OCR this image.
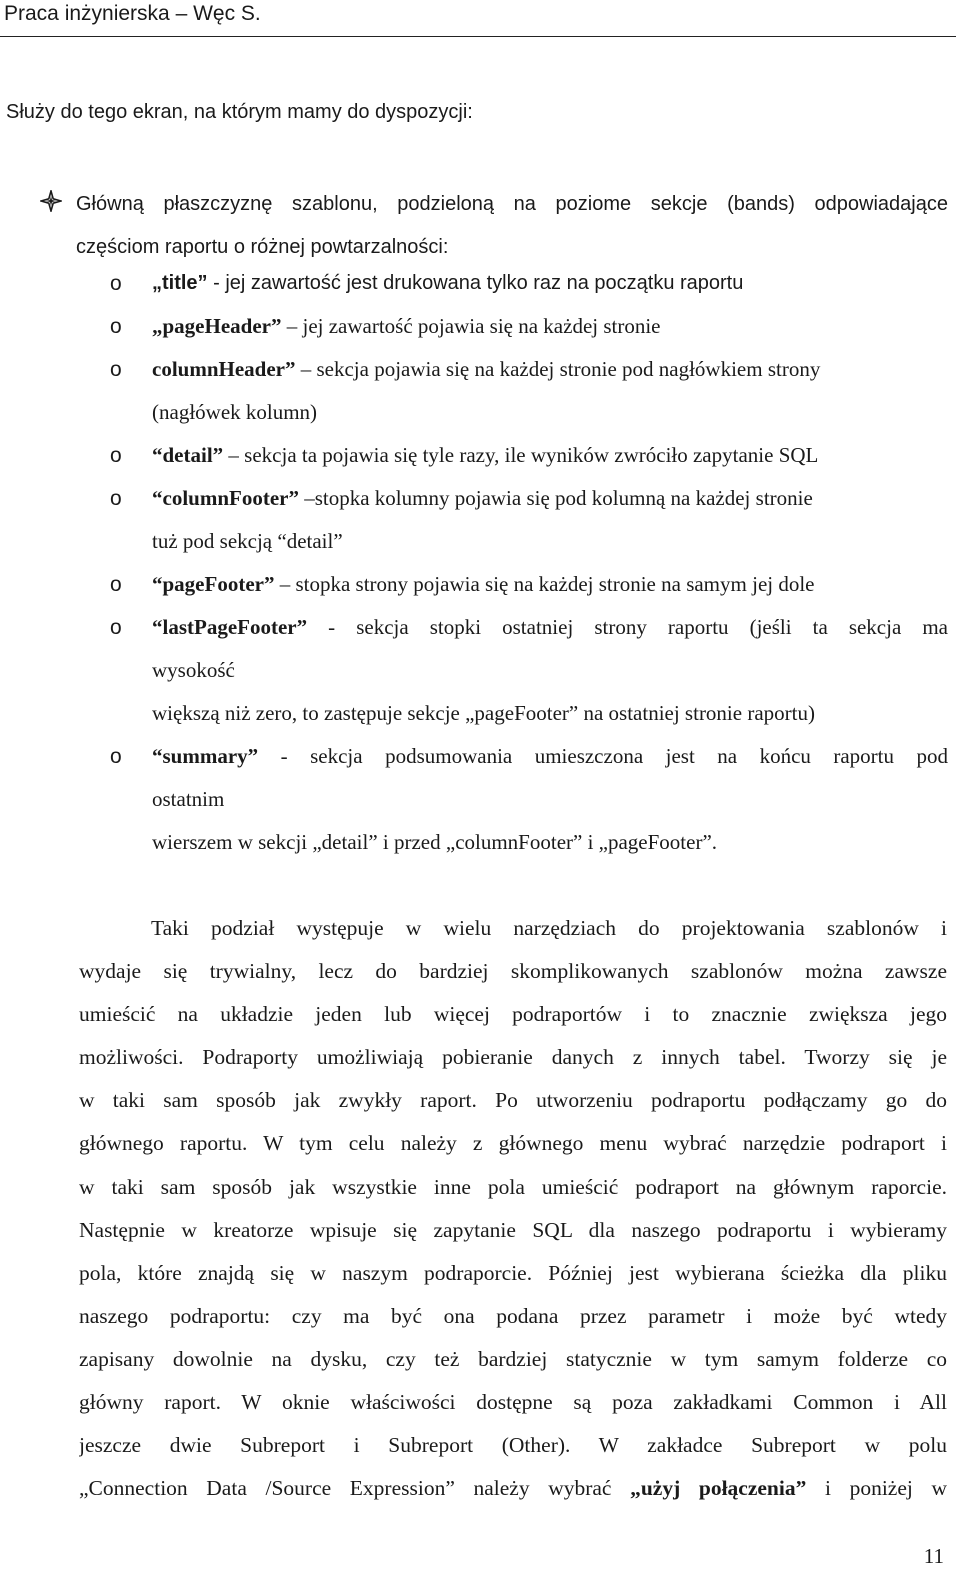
Praca inżynierska – Węc S.
Służy do tego ekran, na którym mamy do dyspozycji:
Główną płaszczyznę szablonu, podzieloną na poziome sekcje (bands) odpowiadające
częściom raportu o różnej powtarzalności:
o „title” - jej zawartość jest drukowana tylko raz na początku raportu
o „pageHeader” – jej zawartość pojawia się na każdej stronie
o columnHeader” – sekcja pojawia się na każdej stronie pod nagłówkiem strony
(nagłówek kolumn)
o “detail” – sekcja ta pojawia się tyle razy, ile wyników zwróciło zapytanie SQL
o “columnFooter” –stopka kolumny pojawia się pod kolumną na każdej stronie
tuż pod sekcją “detail”
o “pageFooter” – stopka strony pojawia się na każdej stronie na samym jej dole
o “lastPageFooter” - sekcja stopki ostatniej strony raportu (jeśli ta sekcja ma
wysokość
większą niż zero, to zastępuje sekcje „pageFooter” na ostatniej stronie raportu)
o “summary” - sekcja podsumowania umieszczona jest na końcu raportu pod
ostatnim
wierszem w sekcji „detail” i przed „columnFooter” i „pageFooter”.
Taki podział występuje w wielu narzędziach do projektowania szablonów i
wydaje się trywialny, lecz do bardziej skomplikowanych szablonów można zawsze
umieścić na układzie jeden lub więcej podraportów i to znacznie zwiększa jego
możliwości. Podraporty umożliwiają pobieranie danych z innych tabel. Tworzy się je
w taki sam sposób jak zwykły raport. Po utworzeniu podraportu podłączamy go do
głównego raportu. W tym celu należy z głównego menu wybrać narzędzie podraport i
w taki sam sposób jak wszystkie inne pola umieścić podraport na głównym raporcie.
Następnie w kreatorze wpisuje się zapytanie SQL dla naszego podraportu i wybieramy
pola, które znajdą się w naszym podraporcie. Później jest wybierana ścieżka dla pliku
naszego podraportu: czy ma być ona podana przez parametr i może być wtedy
zapisany dowolnie na dysku, czy też bardziej statycznie w tym samym folderze co
główny raport. W oknie właściwości dostępne są poza zakładkami Common i All
jeszcze dwie Subreport i Subreport (Other). W zakładce Subreport w polu
„Connection Data /Source Expression” należy wybrać „użyj połączenia” i poniżej w
11
